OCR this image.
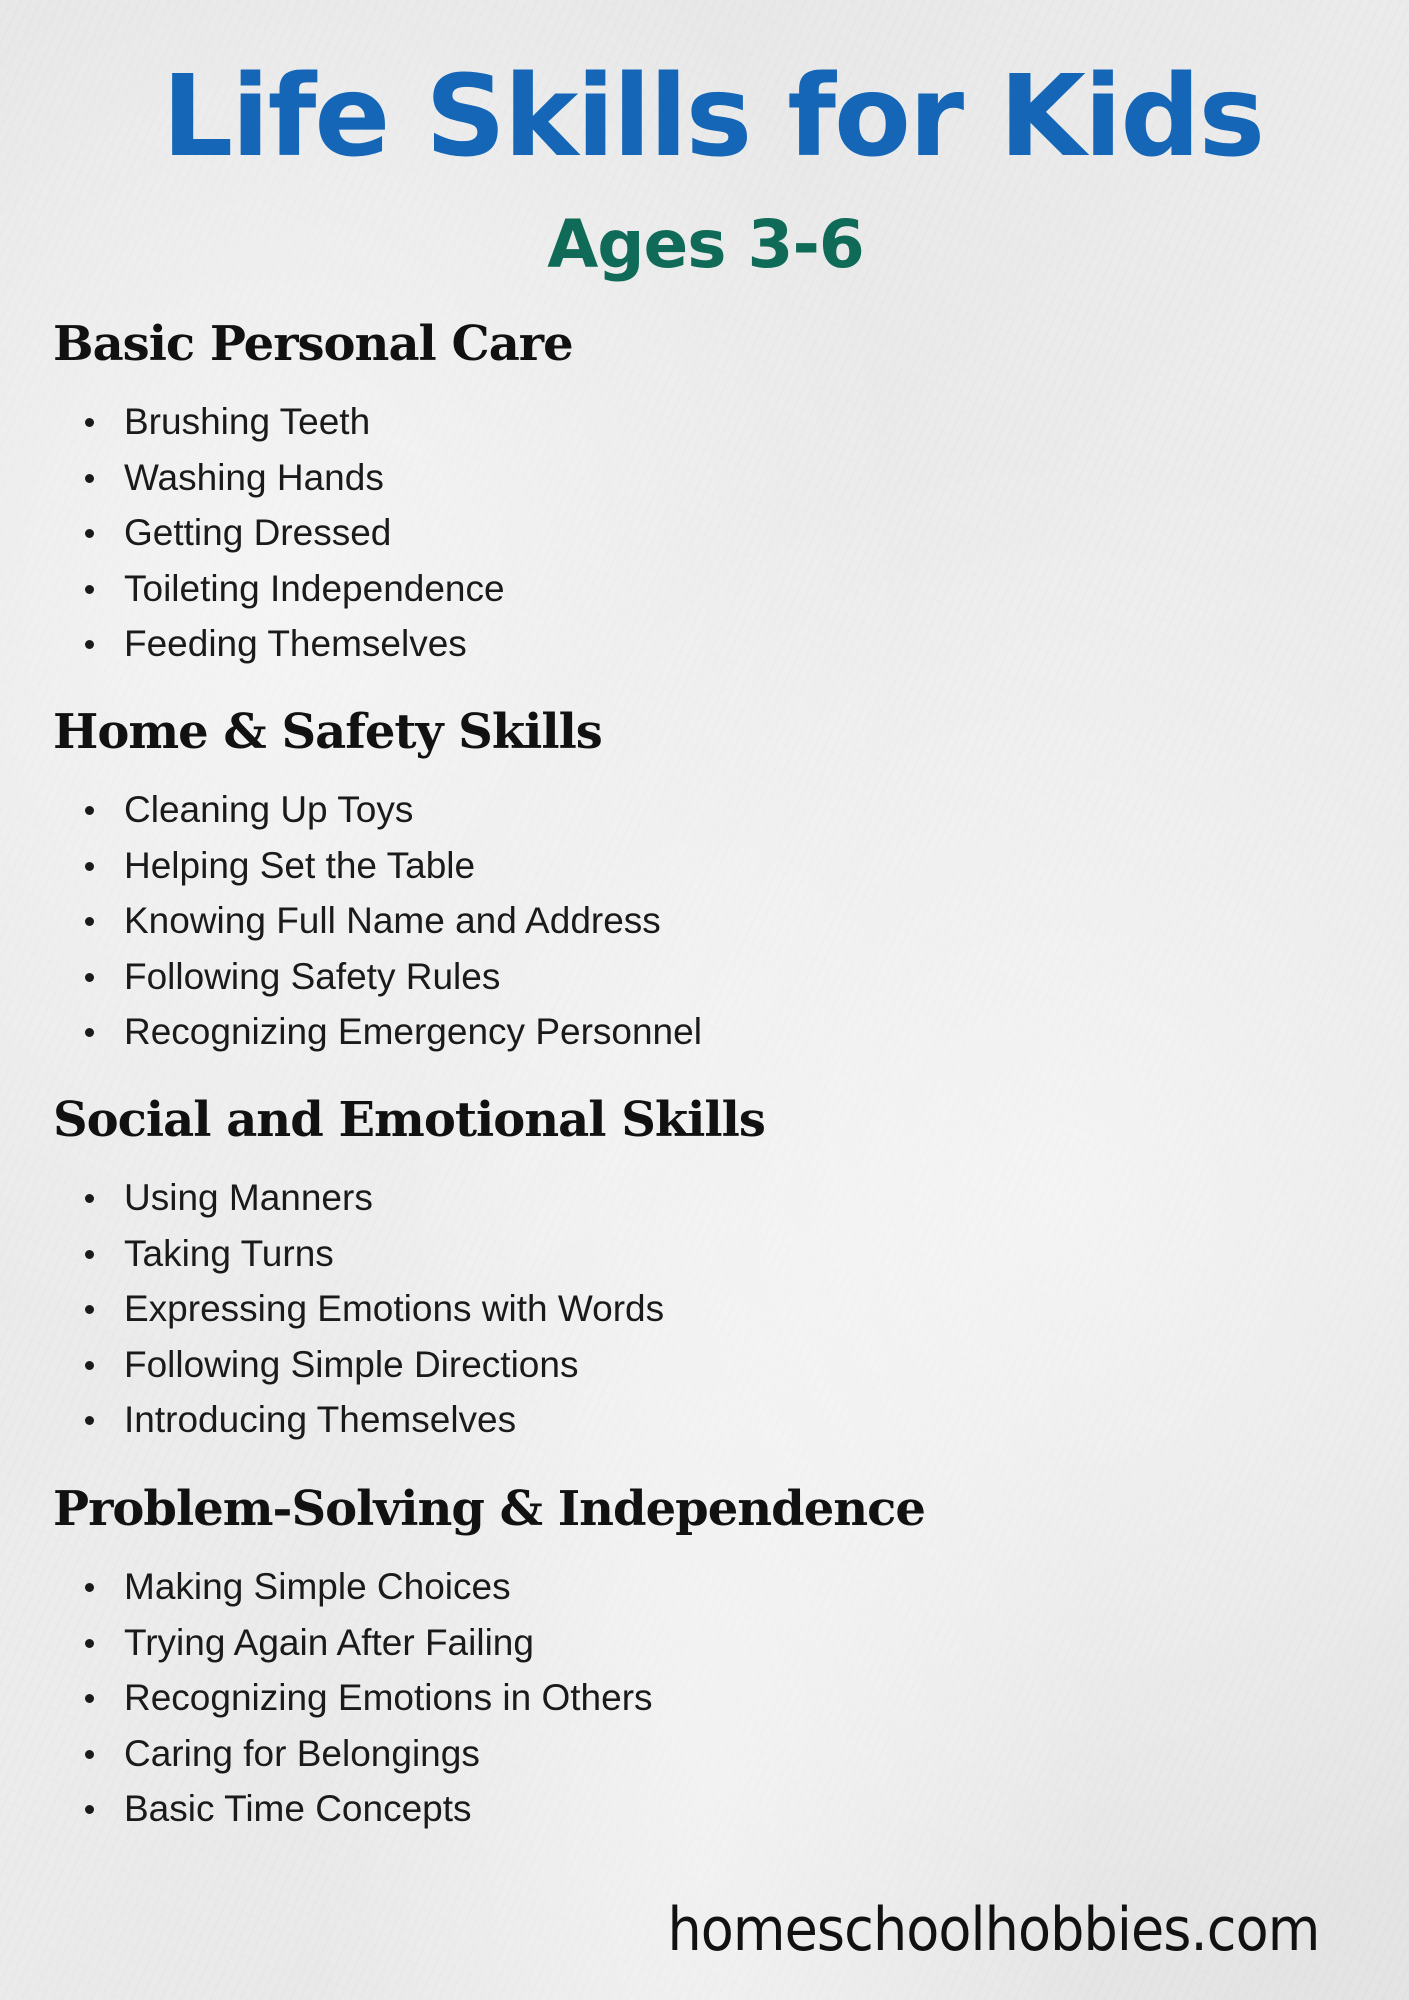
Life Skills for Kids
Ages 3-6
Basic Personal Care
Brushing Teeth
Washing Hands
Getting Dressed
Toileting Independence
Feeding Themselves
Home & Safety Skills
Cleaning Up Toys
Helping Set the Table
Knowing Full Name and Address
Following Safety Rules
Recognizing Emergency Personnel
Social and Emotional Skills
Using Manners
Taking Turns
Expressing Emotions with Words
Following Simple Directions
Introducing Themselves
Problem-Solving & Independence
Making Simple Choices
Trying Again After Failing
Recognizing Emotions in Others
Caring for Belongings
Basic Time Concepts
homeschoolhobbies.com
